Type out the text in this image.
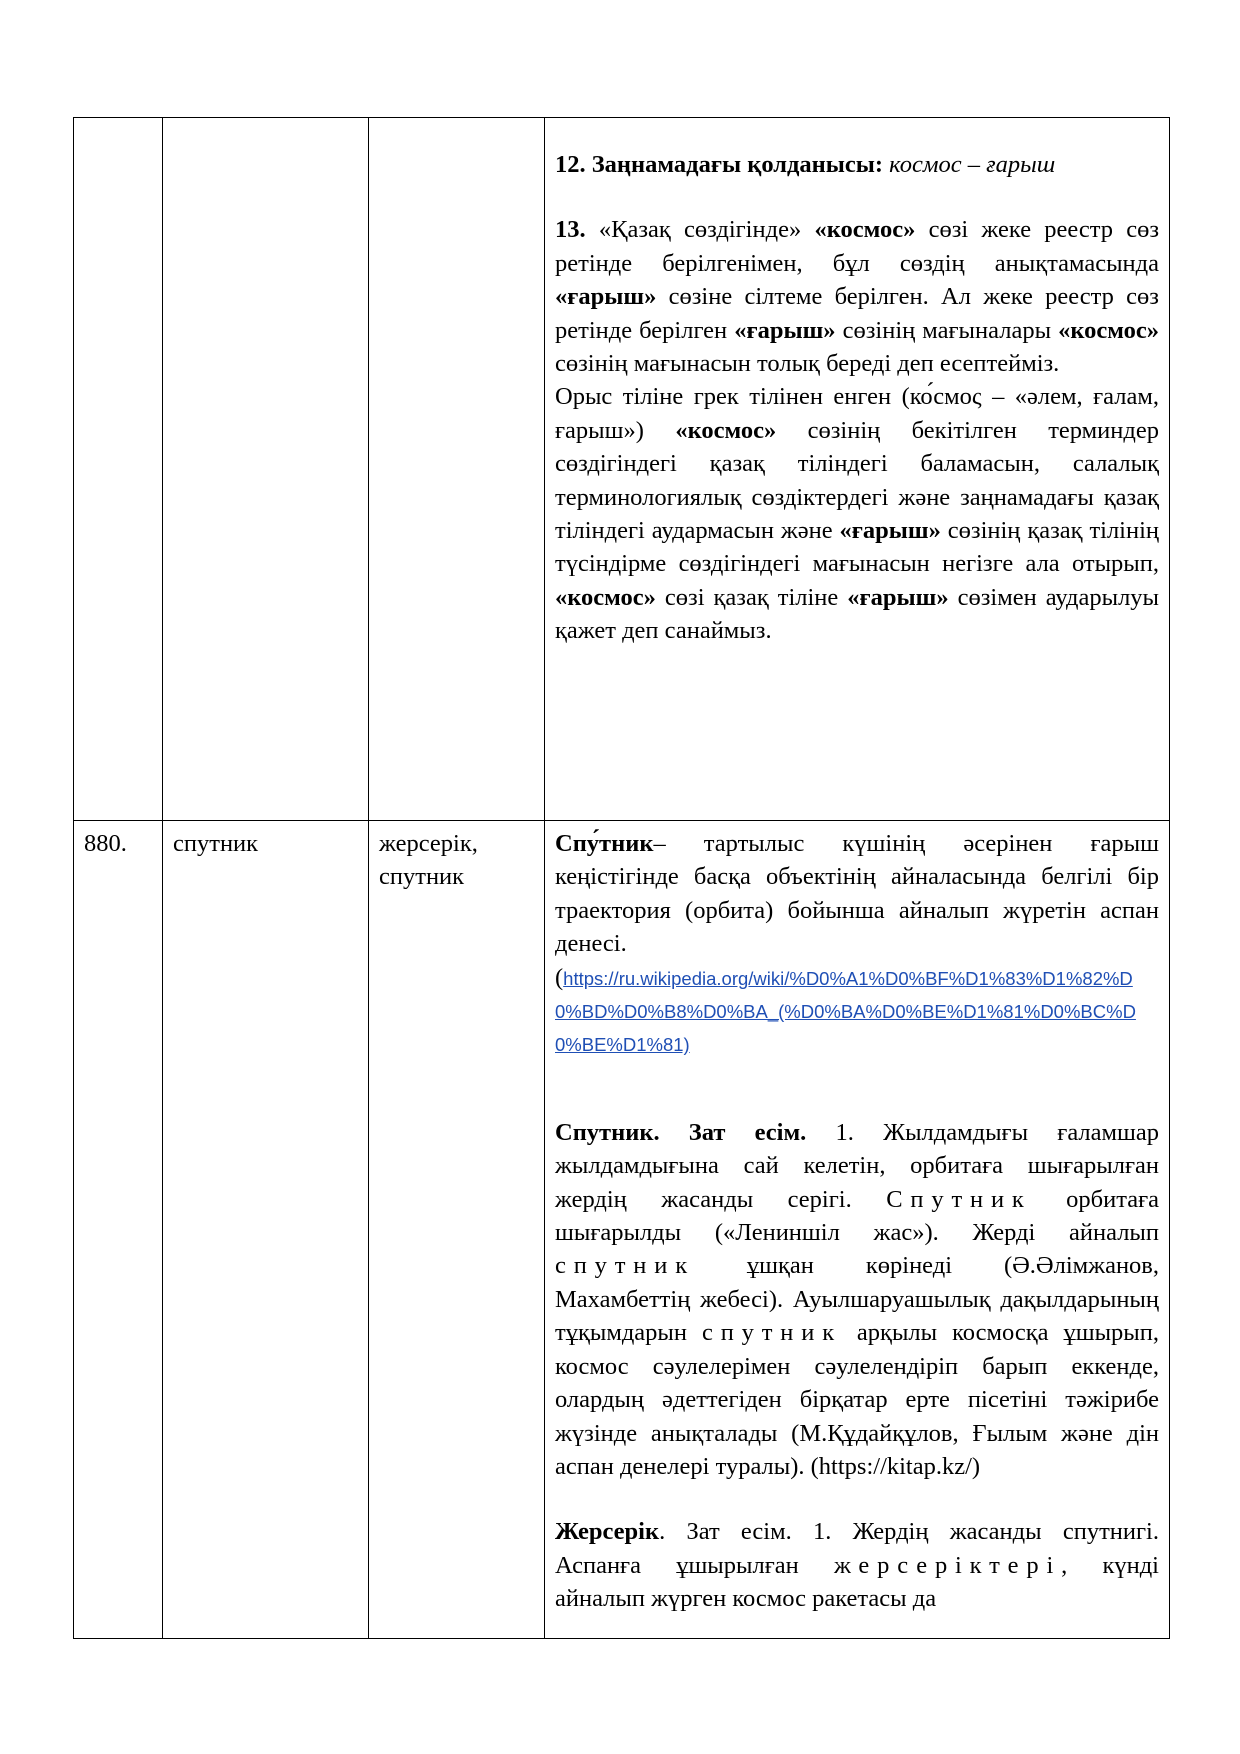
			12. Заңнамадағы қолданысы: космос – ғарыш

13. «Қазақ сөздігінде» «космос» сөзі жеке реестр сөз ретінде берілгенімен, бұл сөздің анықтамасында «ғарыш» сөзіне сілтеме берілген. Ал жеке реестр сөз ретінде берілген «ғарыш» сөзінің мағыналары «космос» сөзінің мағынасын толық береді деп есептейміз.

Орыс тіліне грек тілінен енген (ко́смος – «әлем, ғалам, ғарыш») «космос» сөзінің бекітілген терминдер сөздігіндегі қазақ тіліндегі баламасын, салалық терминологиялық сөздіктердегі және заңнамадағы қазақ тіліндегі аудармасын және «ғарыш» сөзінің қазақ тілінің түсіндірме сөздігіндегі мағынасын негізге ала отырып, «космос» сөзі қазақ тіліне «ғарыш» сөзімен аударылуы қажет деп санаймыз.

880.	спутник	жерсерік, спутник	Спу́тник– тартылыс күшінің әсерінен ғарыш кеңістігінде басқа объектінің айналасында белгілі бір траектория (орбита) бойынша айналып жүретін аспан денесі.
(https://ru.wikipedia.org/wiki/%D0%A1%D0%BF%D1%83%D1%82%D0%BD%D0%B8%D0%BA_(%D0%BA%D0%BE%D1%81%D0%BC%D0%BE%D1%81)

Спутник. Зат есім. 1. Жылдамдығы ғаламшар жылдамдығына сай келетін, орбитаға шығарылған жердің жасанды серігі. Спутник орбитаға шығарылды («Лениншіл жас»). Жерді айналып спутник ұшқан көрінеді (Ә.Әлімжанов, Махамбеттің жебесі). Ауылшаруашылық дақылдарының тұқымдарын спутник арқылы космосқа ұшырып, космос сәулелерімен сәулелендіріп барып еккенде, олардың әдеттегіден бірқатар ерте пісетіні тәжірибе жүзінде анықталады (М.Құдайқұлов, Ғылым және дін аспан денелері туралы). (https://kitap.kz/)

Жерсерік. Зат есім. 1. Жердің жасанды спутнигі. Аспанға ұшырылған жерсеріктері, күнді айналып жүрген космос ракетасы да
